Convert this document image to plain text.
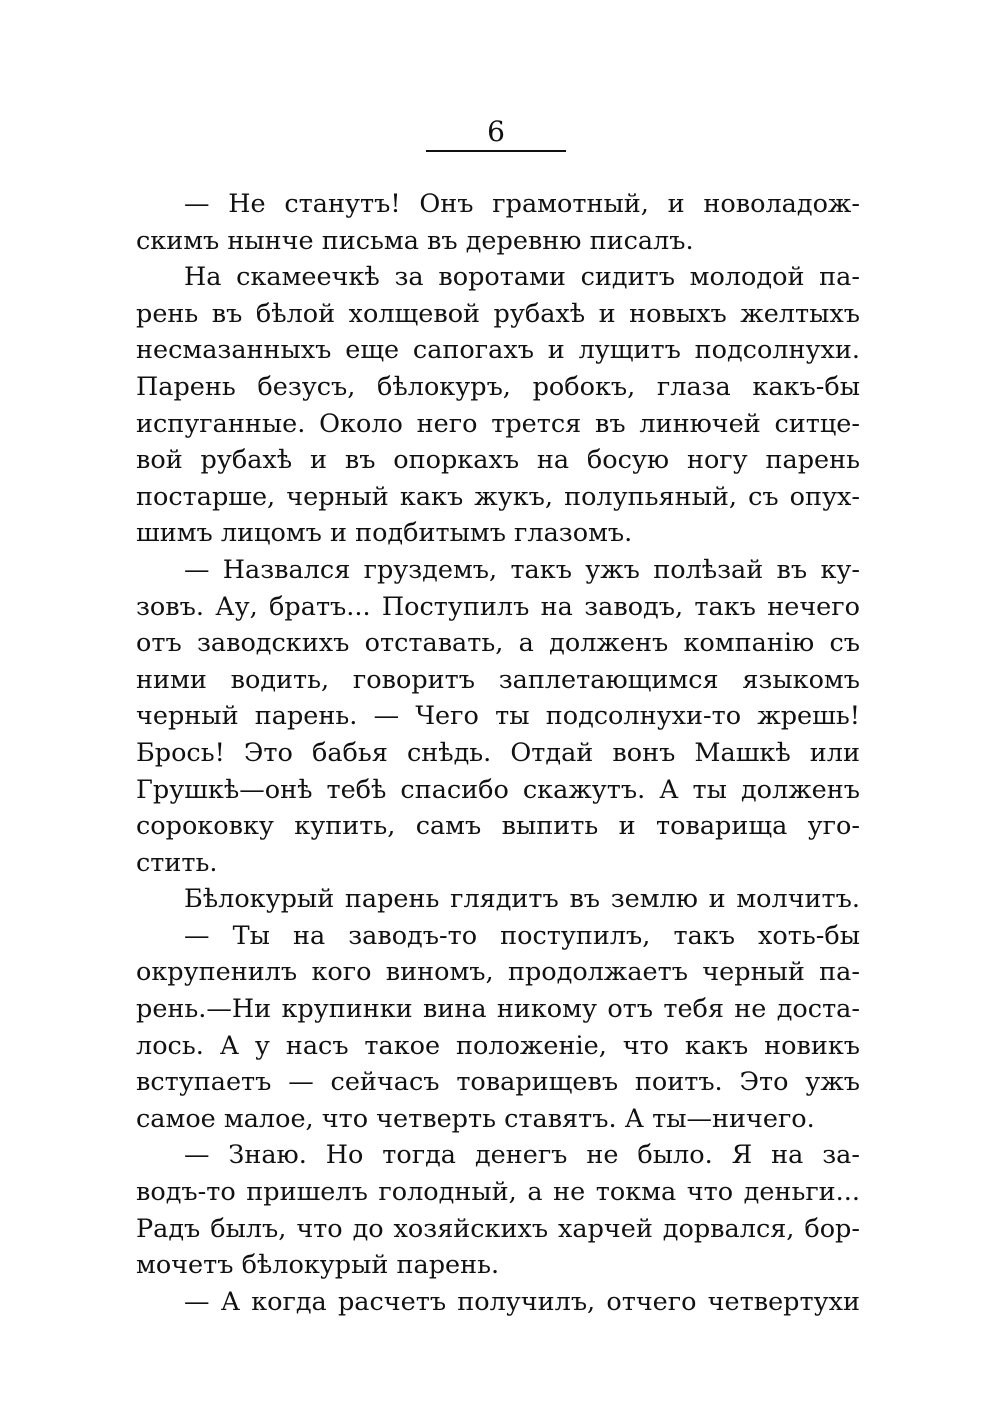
6
— Не станутъ! Онъ грамотный, и новоладож-
скимъ нынче письма въ деревню писалъ.
На скамеечкѣ за воротами сидитъ молодой па-
рень въ бѣлой холщевой рубахѣ и новыхъ желтыхъ
несмазанныхъ еще сапогахъ и лущитъ подсолнухи.
Парень безусъ, бѣлокуръ, робокъ, глаза какъ-бы
испуганные. Около него трется въ линючей ситце-
вой рубахѣ и въ опоркахъ на босую ногу парень
постарше, черный какъ жукъ, полупьяный, съ опух-
шимъ лицомъ и подбитымъ глазомъ.
— Назвался груздемъ, такъ ужъ полѣзай въ ку-
зовъ. Ау, братъ... Поступилъ на заводъ, такъ нечего
отъ заводскихъ отставать, а долженъ компанію съ
ними водить, говоритъ заплетающимся языкомъ
черный парень. — Чего ты подсолнухи-то жрешь!
Брось! Это бабья снѣдь. Отдай вонъ Машкѣ или
Грушкѣ—онѣ тебѣ спасибо скажутъ. А ты долженъ
сороковку купить, самъ выпить и товарища уго-
стить.
Бѣлокурый парень глядитъ въ землю и молчитъ.
— Ты на заводъ-то поступилъ, такъ хоть-бы
окрупенилъ кого виномъ, продолжаетъ черный па-
рень.—Ни крупинки вина никому отъ тебя не доста-
лось. А у насъ такое положеніе, что какъ новикъ
вступаетъ — сейчасъ товарищевъ поитъ. Это ужъ
самое малое, что четверть ставятъ. А ты—ничего.
— Знаю. Но тогда денегъ не было. Я на за-
водъ-то пришелъ голодный, а не токма что деньги...
Радъ былъ, что до хозяйскихъ харчей дорвался, бор-
мочетъ бѣлокурый парень.
— А когда расчетъ получилъ, отчего четвертухи
